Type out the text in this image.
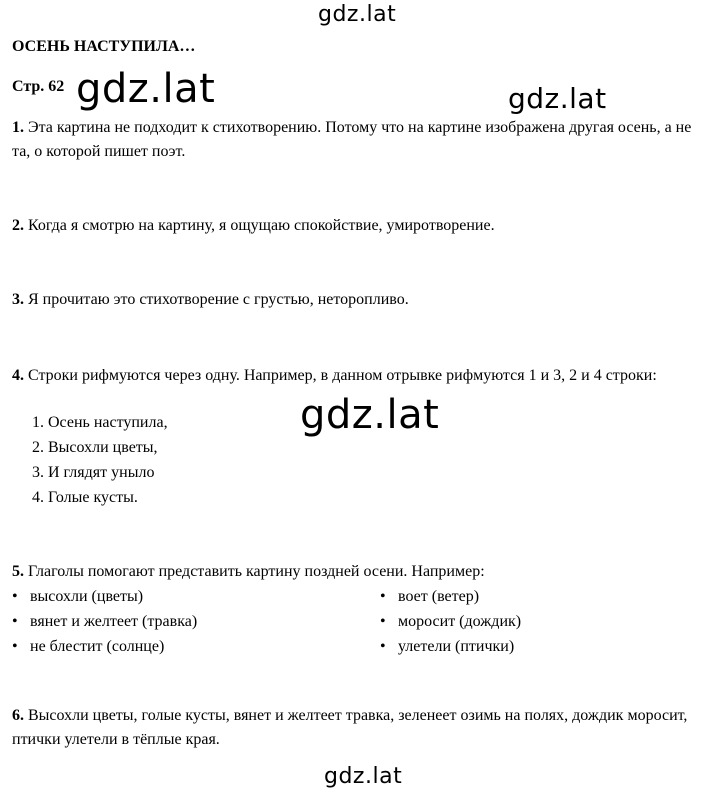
gdz.lat
gdz.lat	gdz.lat
gdz.lat
gdz.lat
ОСЕНЬ НАСТУПИЛА…
Стр. 62
1. Эта картина не подходит к стихотворению. Потому что на картине изображена другая осень, а не та, о которой пишет поэт.
2. Когда я смотрю на картину, я ощущаю спокойствие, умиротворение.
3. Я прочитаю это стихотворение с грустью, неторопливо.
4. Строки рифмуются через одну. Например, в данном отрывке рифмуются 1 и 3, 2 и 4 строки:
1. Осень наступила,
2. Высохли цветы,
3. И глядят уныло
4. Голые кусты.
5. Глаголы помогают представить картину поздней осени. Например:
• высохли (цветы)
• вянет и желтеет (травка)
• не блестит (солнце)
• воет (ветер)
• моросит (дождик)
• улетели (птички)
6. Высохли цветы, голые кусты, вянет и желтеет травка, зеленеет озимь на полях, дождик моросит, птички улетели в тёплые края.
